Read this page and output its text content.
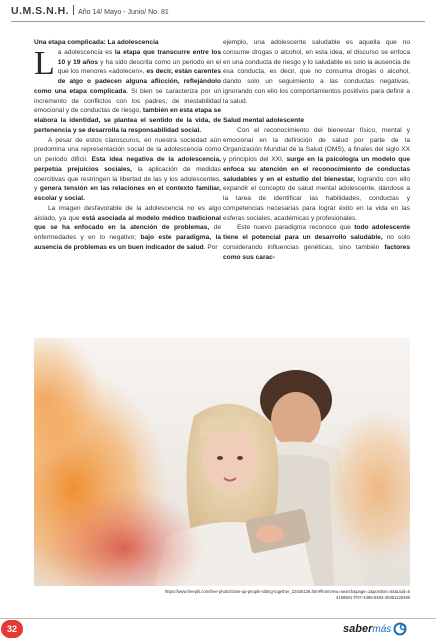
U.M.S.N.H. Año 14/ Mayo - Junio/ No. 81

Una etapa complicada: La adolescencia

La adolescencia es la etapa que transcurre entre los 10 y 19 años y ha sido descrita como un periodo en el que los menores «adolecen», es decir, están carentes de algo o padecen alguna aflicción, reflejándolo como una etapa complicada. Si bien se caracteriza por un incremento de conflictos con los padres, de inestabilidad emocional y de conductas de riesgo, también en esta etapa se elabora la identidad, se plantea el sentido de la vida, de pertenencia y se desarrolla la responsabilidad social.

A pesar de estos claroscuros, en nuestra sociedad aún predomina una representación social de la adolescencia como un periodo difícil. Esta idea negativa de la adolescencia, perpetúa prejuicios sociales, la aplicación de medidas coercitivas que restringen la libertad de las y los adolescentes, y genera tensión en las relaciones en el contexto familiar, escolar y social.

La imagen desfavorable de la adolescencia no es algo aislado, ya que está asociada al modelo médico tradicional que se ha enfocado en la atención de problemas, de enfermedades y en lo negativo; bajo este paradigma, la ausencia de problemas es un buen indicador de salud. Por

ejemplo, una adolescente saludable es aquella que no consume drogas o alcohol, en esta idea, el discurso se enfoca en una conducta de riesgo y lo saludable es solo la ausencia de esa conducta, es decir, que no consuma drogas o alcohol, dando solo un seguimiento a las conductas negativas, ignorando con ello los comportamientos positivos para definir a la salud.

Salud mental adolescente

Con el reconocimiento del bienestar físico, mental y emocional en la definición de salud por parte de la Organización Mundial de la Salud (OMS), a finales del siglo XX y principios del XXI, surge en la psicología un modelo que enfoca su atención en el reconocimiento de conductas saludables y en el estudio del bienestar, logrando con ello expandir el concepto de salud mental adolescente, dándose a la tarea de identificar las habilidades, conductas y competencias necesarias para lograr éxito en la vida en las esferas sociales, académicas y profesionales.

Este nuevo paradigma reconoce que todo adolescente tiene el potencial para un desarrollo saludable, no solo considerando influencias genéticas, sino también factores como sus carac-

https://www.freepik.com/free-photo/close-up-people-sitting-together_22635136.htm#fromView=search&page=1&position=44&uuid=5
4159601-f707-4399-8493-40361128396
32	saber más
